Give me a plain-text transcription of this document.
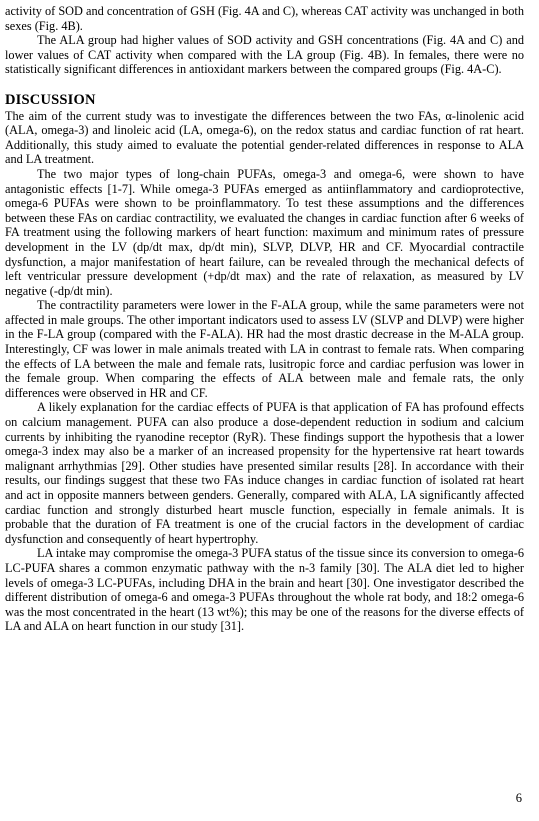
activity of SOD and concentration of GSH (Fig. 4A and C), whereas CAT activity was unchanged in both sexes (Fig. 4B).

The ALA group had higher values of SOD activity and GSH concentrations (Fig. 4A and C) and lower values of CAT activity when compared with the LA group (Fig. 4B). In females, there were no statistically significant differences in antioxidant markers between the compared groups (Fig. 4A-C).

DISCUSSION

The aim of the current study was to investigate the differences between the two FAs, α-linolenic acid (ALA, omega-3) and linoleic acid (LA, omega-6), on the redox status and cardiac function of rat heart. Additionally, this study aimed to evaluate the potential gender-related differences in response to ALA and LA treatment.

The two major types of long-chain PUFAs, omega-3 and omega-6, were shown to have antagonistic effects [1-7]. While omega-3 PUFAs emerged as antiinflammatory and cardioprotective, omega-6 PUFAs were shown to be proinflammatory. To test these assumptions and the differences between these FAs on cardiac contractility, we evaluated the changes in cardiac function after 6 weeks of FA treatment using the following markers of heart function: maximum and minimum rates of pressure development in the LV (dp/dt max, dp/dt min), SLVP, DLVP, HR and CF. Myocardial contractile dysfunction, a major manifestation of heart failure, can be revealed through the mechanical defects of left ventricular pressure development (+dp/dt max) and the rate of relaxation, as measured by LV negative (-dp/dt min).

The contractility parameters were lower in the F-ALA group, while the same parameters were not affected in male groups. The other important indicators used to assess LV (SLVP and DLVP) were higher in the F-LA group (compared with the F-ALA). HR had the most drastic decrease in the M-ALA group. Interestingly, CF was lower in male animals treated with LA in contrast to female rats. When comparing the effects of LA between the male and female rats, lusitropic force and cardiac perfusion was lower in the female group. When comparing the effects of ALA between male and female rats, the only differences were observed in HR and CF.

A likely explanation for the cardiac effects of PUFA is that application of FA has profound effects on calcium management. PUFA can also produce a dose-dependent reduction in sodium and calcium currents by inhibiting the ryanodine receptor (RyR). These findings support the hypothesis that a lower omega-3 index may also be a marker of an increased propensity for the hypertensive rat heart towards malignant arrhythmias [29]. Other studies have presented similar results [28]. In accordance with their results, our findings suggest that these two FAs induce changes in cardiac function of isolated rat heart and act in opposite manners between genders. Generally, compared with ALA, LA significantly affected cardiac function and strongly disturbed heart muscle function, especially in female animals. It is probable that the duration of FA treatment is one of the crucial factors in the development of cardiac dysfunction and consequently of heart hypertrophy.

LA intake may compromise the omega-3 PUFA status of the tissue since its conversion to omega-6 LC-PUFA shares a common enzymatic pathway with the n-3 family [30]. The ALA diet led to higher levels of omega-3 LC-PUFAs, including DHA in the brain and heart [30]. One investigator described the different distribution of omega-6 and omega-3 PUFAs throughout the whole rat body, and 18:2 omega-6 was the most concentrated in the heart (13 wt%); this may be one of the reasons for the diverse effects of LA and ALA on heart function in our study [31].

6
